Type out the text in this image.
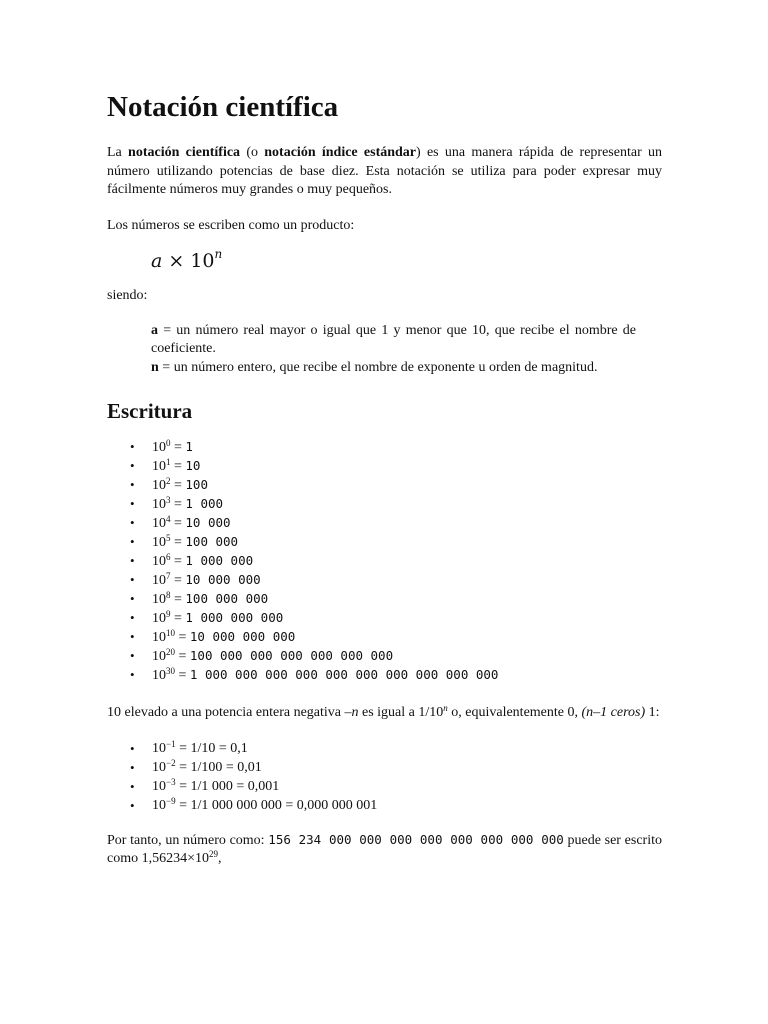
Notación científica

La notación científica (o notación índice estándar) es una manera rápida de representar un número utilizando potencias de base diez. Esta notación se utiliza para poder expresar muy fácilmente números muy grandes o muy pequeños.

Los números se escriben como un producto:

$a \times 10^n$

siendo:

a = un número real mayor o igual que 1 y menor que 10, que recibe el nombre de coeficiente.

n = un número entero, que recibe el nombre de exponente u orden de magnitud.

Escritura
• $10^0 = 1$
• $10^1 = 10$
• $10^2 = 100$
• $10^3 = 1$ 000
• $10^4 = 10$ 000
• $10^5 = 100$ 000
• $10^6 = 1$ 000 000
• $10^7 = 10$ 000 000
• $10^8 = 100$ 000 000
• $10^9 = 1$ 000 000 000
• $10^{10} = 10$ 000 000 000
• $10^{20} = 100$ 000 000 000 000 000 000
• $10^{30} = 1$ 000 000 000 000 000 000 000 000 000 000

10 elevado a una potencia entera negativa –n es igual a 1/10$^n$ o, equivalentemente 0, (n–1 ceros) 1:

• $10^{-1} = 1/10 = 0,1$
• $10^{-2} = 1/100 = 0,01$
• $10^{-3} = 1/1$ 000 = 0,001
• $10^{-9} = 1/1$ 000 000 000 = 0,000 000 001

Por tanto, un número como: 156 234 000 000 000 000 000 000 000 000 puede ser escrito como $1,56234\times 10^{29}$,
